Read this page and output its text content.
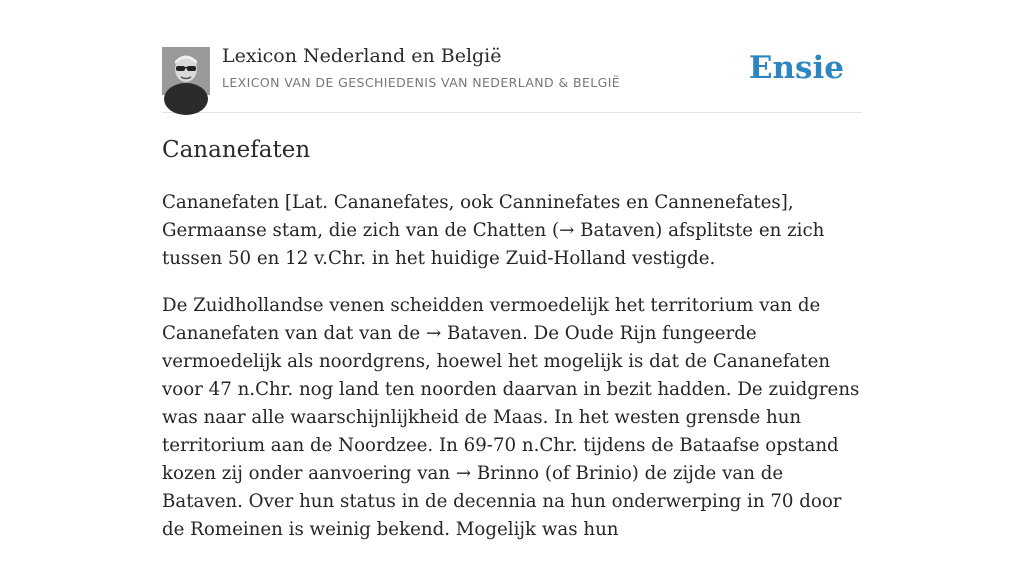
Lexicon Nederland en België
LEXICON VAN DE GESCHIEDENIS VAN NEDERLAND & BELGIË	Ensie
Cananefaten

Cananefaten [Lat. Cananefates, ook Canninefates en Cannenefates], Germaanse stam, die zich van de Chatten (→ Bataven) afsplitste en zich tussen 50 en 12 v.Chr. in het huidige Zuid-Holland vestigde.

De Zuidhollandse venen scheidden vermoedelijk het territorium van de Cananefaten van dat van de → Bataven. De Oude Rijn fungeerde vermoedelijk als noordgrens, hoewel het mogelijk is dat de Cananefaten voor 47 n.Chr. nog land ten noorden daarvan in bezit hadden. De zuidgrens was naar alle waarschijnlijkheid de Maas. In het westen grensde hun territorium aan de Noordzee. In 69-70 n.Chr. tijdens de Bataafse opstand kozen zij onder aanvoering van → Brinno (of Brinio) de zijde van de Bataven. Over hun status in de decennia na hun onderwerping in 70 door de Romeinen is weinig bekend. Mogelijk was hun
